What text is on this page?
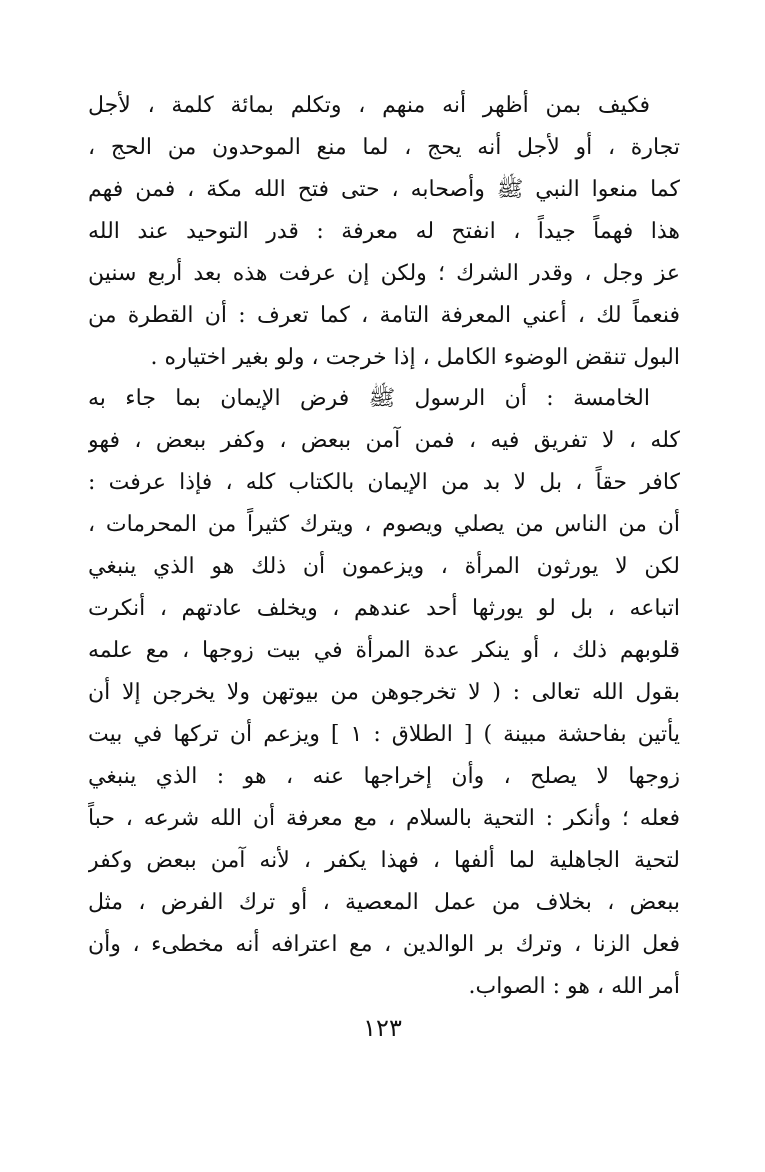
فكيف بمن أظهر أنه منهم ، وتكلم بمائة كلمة ، لأجل
تجارة ، أو لأجل أنه يحج ، لما منع الموحدون من الحج ،
كما منعوا النبي ﷺ وأصحابه ، حتى فتح الله مكة ، فمن فهم
هذا فهماً جيداً ، انفتح له معرفة : قدر التوحيد عند الله
عز وجل ، وقدر الشرك ؛ ولكن إن عرفت هذه بعد أربع سنين
فنعماً لك ، أعني المعرفة التامة ، كما تعرف : أن القطرة من
البول تنقض الوضوء الكامل ، إذا خرجت ، ولو بغير اختياره .
الخامسة : أن الرسول ﷺ فرض الإيمان بما جاء به
كله ، لا تفريق فيه ، فمن آمن ببعض ، وكفر ببعض ، فهو
كافر حقاً ، بل لا بد من الإيمان بالكتاب كله ، فإذا عرفت :
أن من الناس من يصلي ويصوم ، ويترك كثيراً من المحرمات ،
لكن لا يورثون المرأة ، ويزعمون أن ذلك هو الذي ينبغي
اتباعه ، بل لو يورثها أحد عندهم ، ويخلف عادتهم ، أنكرت
قلوبهم ذلك ، أو ينكر عدة المرأة في بيت زوجها ، مع علمه
بقول الله تعالى : ( لا تخرجوهن من بيوتهن ولا يخرجن إلا أن
يأتين بفاحشة مبينة ) [ الطلاق : ١ ] ويزعم أن تركها في بيت
زوجها لا يصلح ، وأن إخراجها عنه ، هو : الذي ينبغي
فعله ؛ وأنكر : التحية بالسلام ، مع معرفة أن الله شرعه ، حباً
لتحية الجاهلية لما ألفها ، فهذا يكفر ، لأنه آمن ببعض وكفر
ببعض ، بخلاف من عمل المعصية ، أو ترك الفرض ، مثل
فعل الزنا ، وترك بر الوالدين ، مع اعترافه أنه مخطىء ، وأن
أمر الله ، هو : الصواب.
١٢٣
